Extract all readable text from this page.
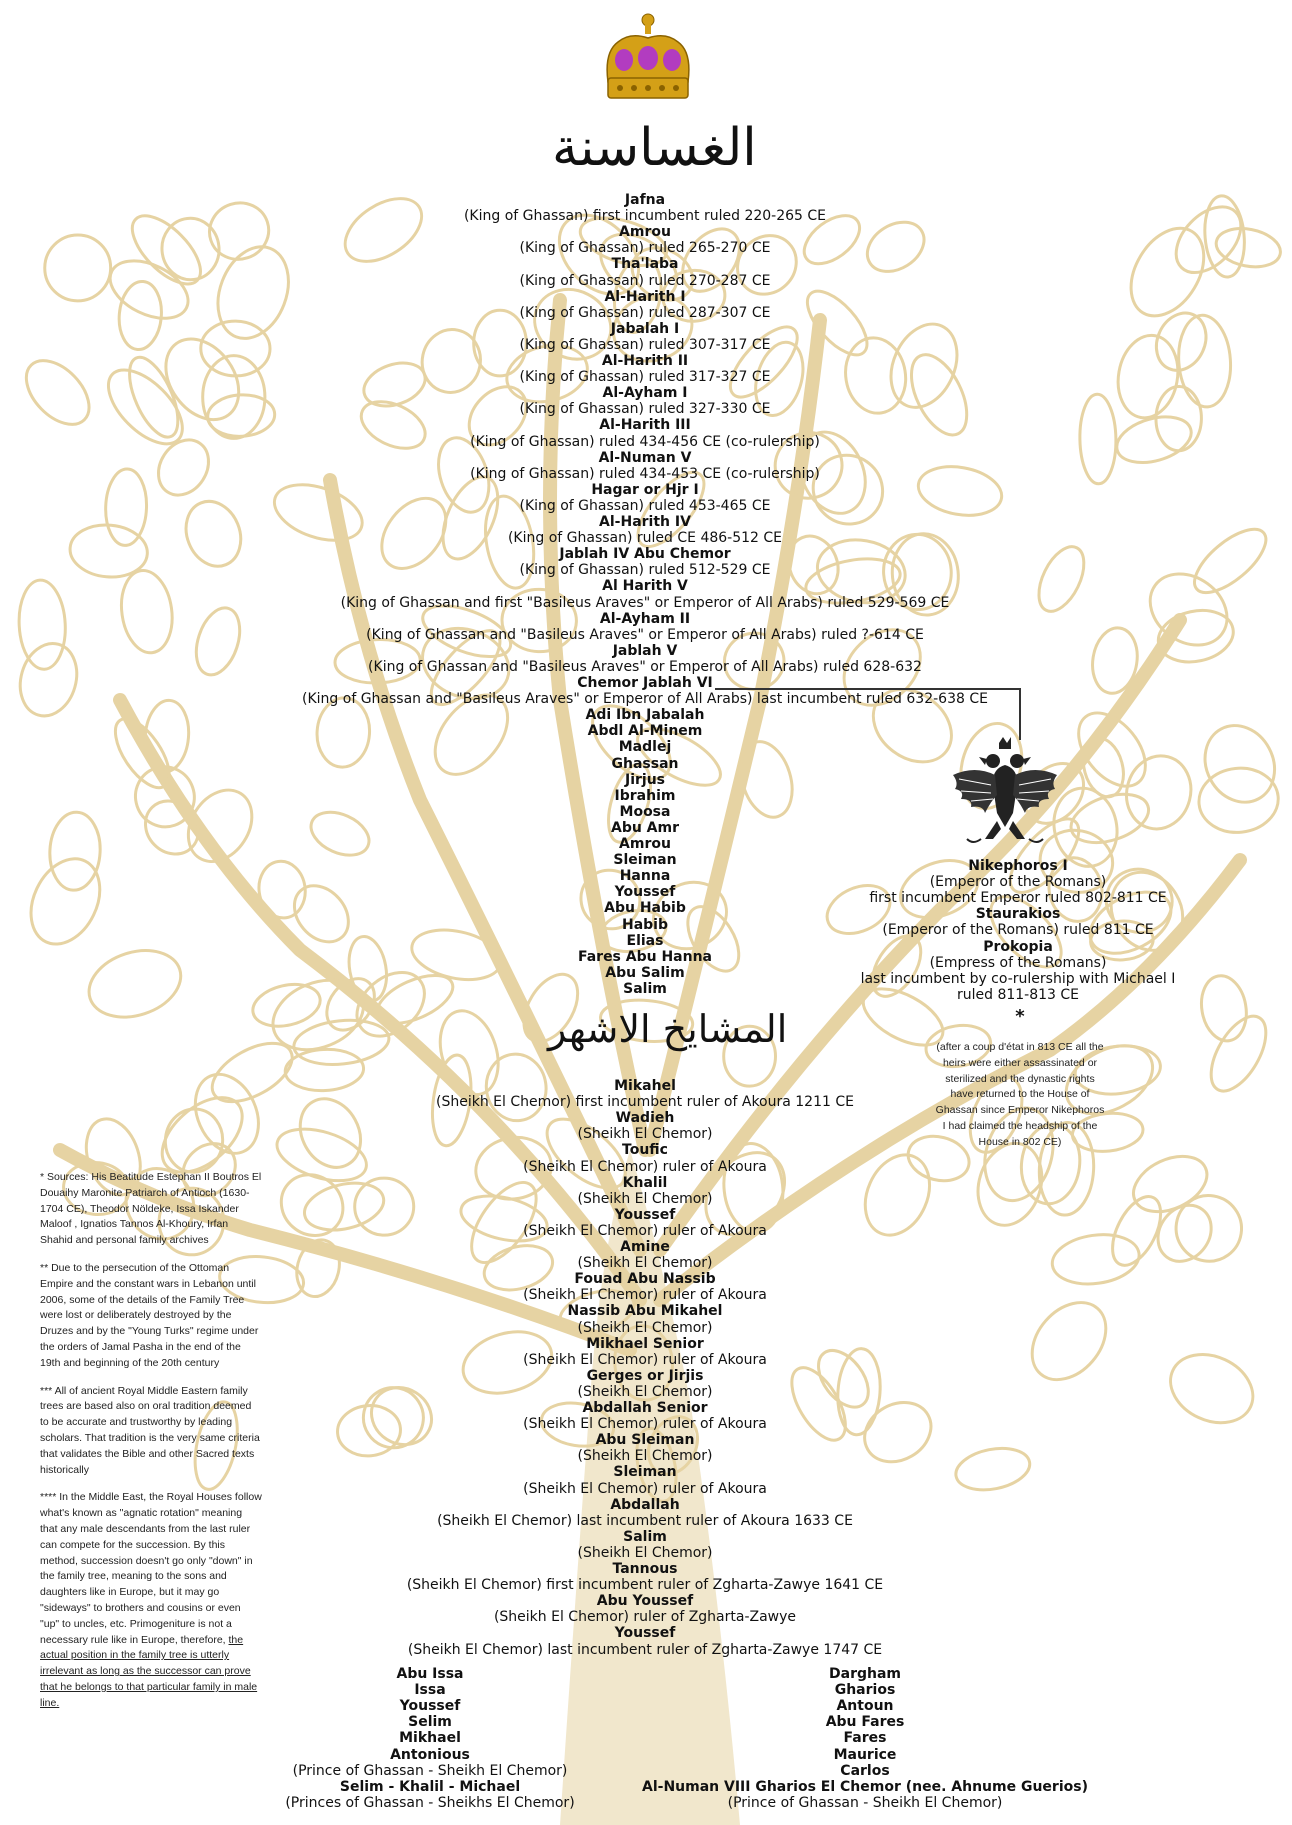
الغساسنة
المشايخ الاشهر
Jafna
(King of Ghassan) first incumbent ruled 220-265 CE
Amrou
(King of Ghassan) ruled 265-270 CE
Tha'laba
(King of Ghassan) ruled 270-287 CE
Al-Harith I
(King of Ghassan) ruled 287-307 CE
Jabalah I
(King of Ghassan) ruled 307-317 CE
Al-Harith II
(King of Ghassan) ruled 317-327 CE
Al-Ayham I
(King of Ghassan) ruled 327-330 CE
Al-Harith III
(King of Ghassan) ruled 434-456 CE (co-rulership)
Al-Numan V
(King of Ghassan) ruled 434-453 CE (co-rulership)
Hagar or Hjr I
(King of Ghassan) ruled 453-465 CE
Al-Harith IV
(King of Ghassan) ruled CE 486-512 CE
Jablah IV Abu Chemor
(King of Ghassan) ruled 512-529 CE
Al Harith V
(King of Ghassan and first "Basileus Araves" or Emperor of All Arabs) ruled 529-569 CE
Al-Ayham II
(King of Ghassan and "Basileus Araves" or Emperor of All Arabs) ruled ?-614 CE
Jablah V
(King of Ghassan and "Basileus Araves" or Emperor of All Arabs) ruled 628-632
Chemor Jablah VI
(King of Ghassan and "Basileus Araves" or Emperor of All Arabs) last incumbent ruled 632-638 CE
Adi Ibn Jabalah
Abdl Al-Minem
Madlej
Ghassan
Jirjus
Ibrahim
Moosa
Abu Amr
Amrou
Sleiman
Hanna
Youssef
Abu Habib
Habib
Elias
Fares Abu Hanna
Abu Salim
Salim
Mikahel
(Sheikh El Chemor) first incumbent ruler of Akoura 1211 CE
Wadieh
(Sheikh El Chemor)
Toufic
(Sheikh El Chemor) ruler of Akoura
Khalil
(Sheikh El Chemor)
Youssef
(Sheikh El Chemor) ruler of Akoura
Amine
(Sheikh El Chemor)
Fouad Abu Nassib
(Sheikh El Chemor) ruler of Akoura
Nassib Abu Mikahel
(Sheikh El Chemor)
Mikhael Senior
(Sheikh El Chemor) ruler of Akoura
Gerges or Jirjis
(Sheikh El Chemor)
Abdallah Senior
(Sheikh El Chemor) ruler of Akoura
Abu Sleiman
(Sheikh El Chemor)
Sleiman
(Sheikh El Chemor) ruler of Akoura
Abdallah
(Sheikh El Chemor) last incumbent ruler of Akoura 1633 CE
Salim
(Sheikh El Chemor)
Tannous
(Sheikh El Chemor) first incumbent ruler of Zgharta-Zawye 1641 CE
Abu Youssef
(Sheikh El Chemor) ruler of Zgharta-Zawye
Youssef
(Sheikh El Chemor) last incumbent ruler of Zgharta-Zawye 1747 CE
Abu Issa
Issa
Youssef
Selim
Mikhael
Antonious
(Prince of Ghassan - Sheikh El Chemor)
Selim - Khalil - Michael
(Princes of Ghassan - Sheikhs El Chemor)
Dargham
Gharios
Antoun
Abu Fares
Fares
Maurice
Carlos
Al-Numan VIII Gharios El Chemor (nee. Ahnume Guerios)
(Prince of Ghassan - Sheikh El Chemor)
Nikephoros I
(Emperor of the Romans)
first incumbent Emperor ruled 802-811 CE
Staurakios
(Emperor of the Romans) ruled 811 CE
Prokopia
(Empress of the Romans)
last incumbent by co-rulership with Michael I
ruled 811-813 CE
*
(after a coup d'état in 813 CE all the heirs were either assassinated or sterilized and the dynastic rights have returned to the House of Ghassan since Emperor Nikephoros I had claimed the headship of the House in 802 CE)

* Sources: His Beatitude Estephan II Boutros El Douaihy Maronite Patriarch of Antioch (1630-1704 CE), Theodor Nöldeke, Issa Iskander Maloof , Ignatios Tannos Al-Khoury, Irfan Shahid and personal family archives

** Due to the persecution of the Ottoman Empire and the constant wars in Lebanon until 2006, some of the details of the Family Tree were lost or deliberately destroyed by the Druzes and by the "Young Turks" regime under the orders of Jamal Pasha in the end of the 19th and beginning of the 20th century

*** All of ancient Royal Middle Eastern family trees are based also on oral tradition deemed to be accurate and trustworthy by leading scholars. That tradition is the very same criteria that validates the Bible and other Sacred texts historically

**** In the Middle East, the Royal Houses follow what's known as "agnatic rotation" meaning that any male descendants from the last ruler can compete for the succession. By this method, succession doesn't go only "down" in the family tree, meaning to the sons and daughters like in Europe, but it may go "sideways" to brothers and cousins or even "up" to uncles, etc. Primogeniture is not a necessary rule like in Europe, therefore, the actual position in the family tree is utterly irrelevant as long as the successor can prove that he belongs to that particular family in male line.
